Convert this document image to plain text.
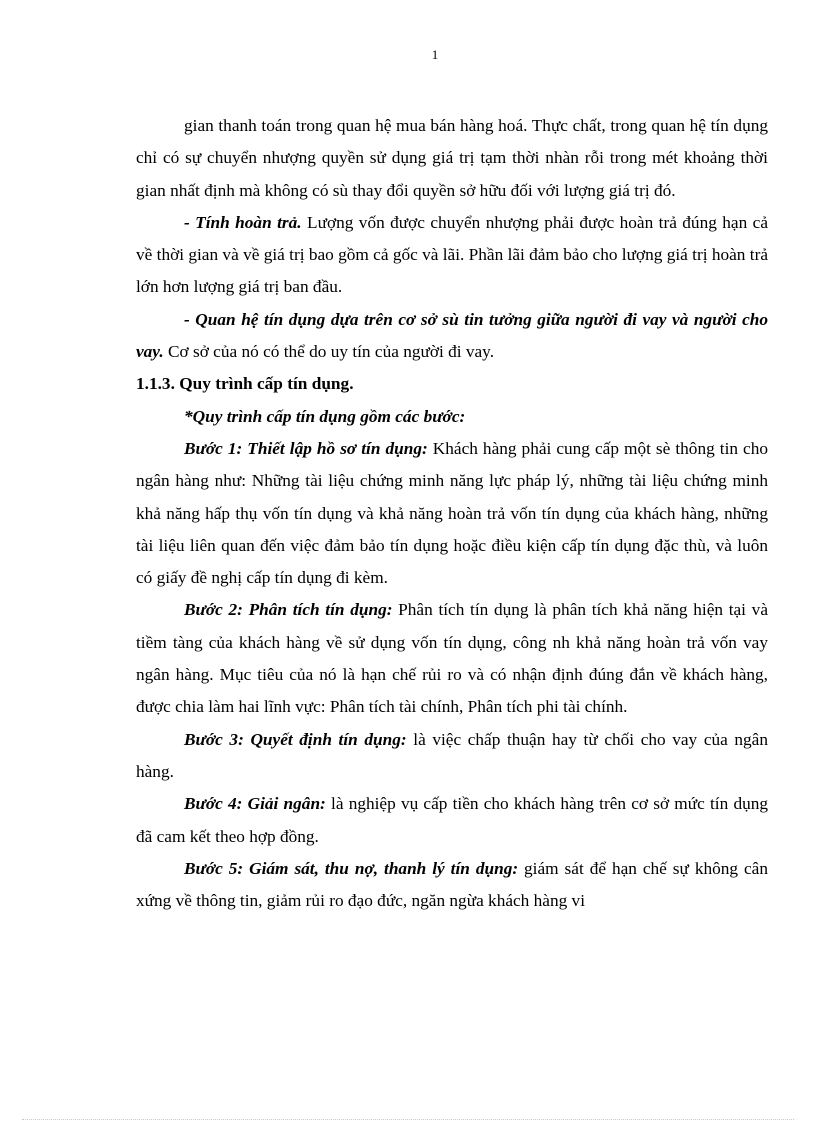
1

gian thanh toán trong quan hệ mua bán hàng hoá. Thực chất, trong quan hệ tín dụng chỉ có sự chuyển nhượng quyền sử dụng giá trị tạm thời nhàn rỗi trong mét khoảng thời gian nhất định mà không có sù thay đổi quyền sở hữu đối với lượng giá trị đó.

- Tính hoàn trả. Lượng vốn được chuyển nhượng phải được hoàn trả đúng hạn cả về thời gian và về giá trị bao gồm cả gốc và lãi. Phần lãi đảm bảo cho lượng giá trị hoàn trả lớn hơn lượng giá trị ban đầu.

- Quan hệ tín dụng dựa trên cơ sở sù tin tưởng giữa người đi vay và người cho vay. Cơ sở của nó có thể do uy tín của người đi vay.

1.1.3. Quy trình cấp tín dụng.

*Quy trình cấp tín dụng gồm các bước:

Bước 1: Thiết lập hồ sơ tín dụng: Khách hàng phải cung cấp một sè thông tin cho ngân hàng như: Những tài liệu chứng minh năng lực pháp lý, những tài liệu chứng minh khả năng hấp thụ vốn tín dụng và khả năng hoàn trả vốn tín dụng của khách hàng, những tài liệu liên quan đến việc đảm bảo tín dụng hoặc điều kiện cấp tín dụng đặc thù, và luôn có giấy đề nghị cấp tín dụng đi kèm.

Bước 2: Phân tích tín dụng: Phân tích tín dụng là phân tích khả năng hiện tại và tiềm tàng của khách hàng về sử dụng vốn tín dụng, công nh khả năng hoàn trả vốn vay ngân hàng. Mục tiêu của nó là hạn chế rủi ro và có nhận định đúng đắn về khách hàng, được chia làm hai lĩnh vực: Phân tích tài chính, Phân tích phi tài chính.

Bước 3: Quyết định tín dụng: là việc chấp thuận hay từ chối cho vay của ngân hàng.

Bước 4: Giải ngân: là nghiệp vụ cấp tiền cho khách hàng trên cơ sở mức tín dụng đã cam kết theo hợp đồng.

Bước 5: Giám sát, thu nợ, thanh lý tín dụng: giám sát để hạn chế sự không cân xứng về thông tin, giảm rủi ro đạo đức, ngăn ngừa khách hàng vi
